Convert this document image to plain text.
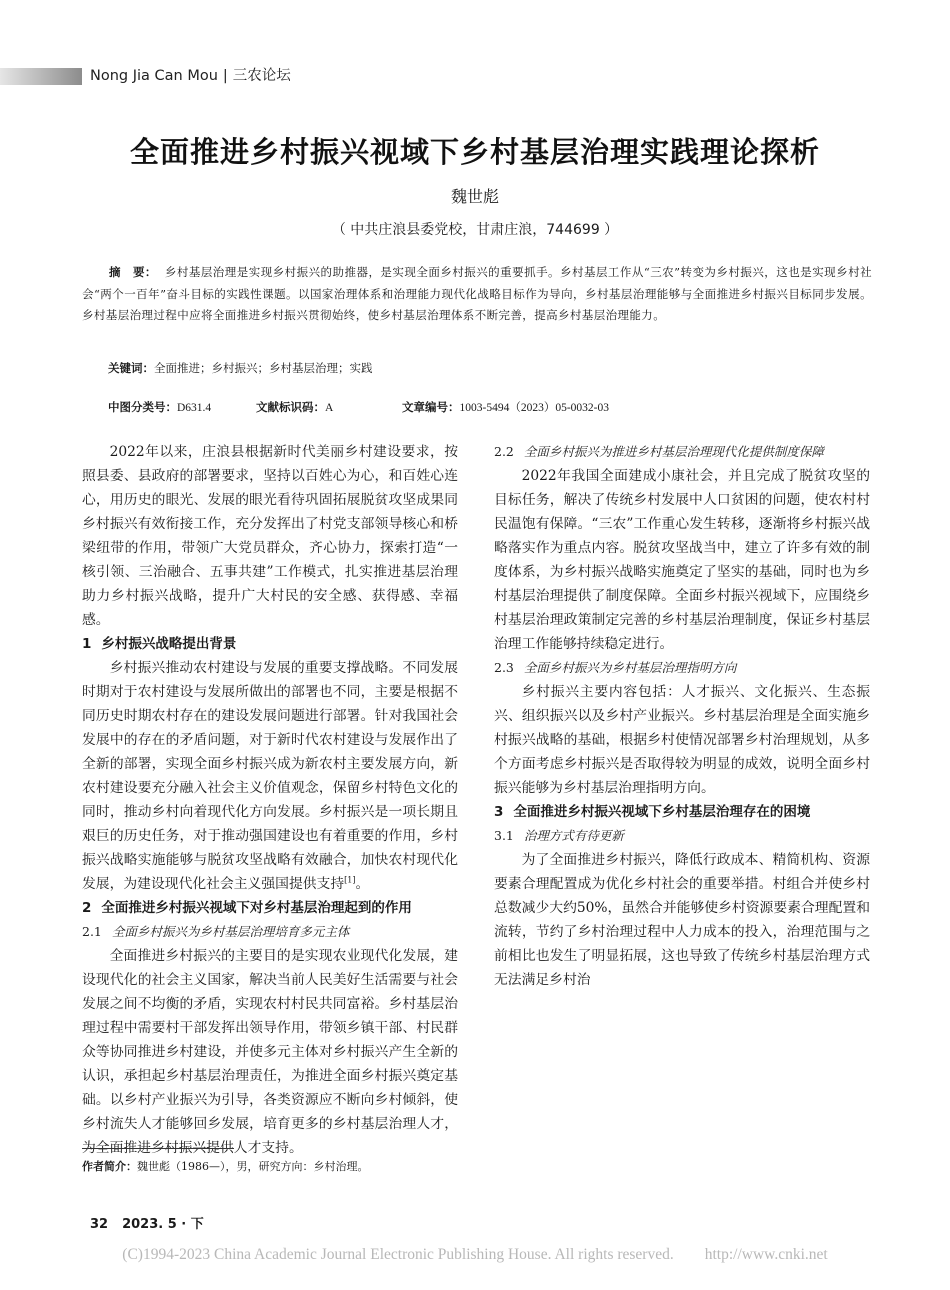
Nong Jia Can Mou | 三农论坛
全面推进乡村振兴视域下乡村基层治理实践理论探析
魏世彪
（ 中共庄浪县委党校，甘肃庄浪，744699 ）
摘　要： 乡村基层治理是实现乡村振兴的助推器，是实现全面乡村振兴的重要抓手。乡村基层工作从“三农”转变为乡村振兴，这也是实现乡村社会“两个一百年”奋斗目标的实践性课题。以国家治理体系和治理能力现代化战略目标作为导向，乡村基层治理能够与全面推进乡村振兴目标同步发展。乡村基层治理过程中应将全面推进乡村振兴贯彻始终，使乡村基层治理体系不断完善，提高乡村基层治理能力。
关键词：全面推进；乡村振兴；乡村基层治理；实践
中图分类号：D631.4	文献标识码：A	文章编号：1003-5494（2023）05-0032-03

2022年以来，庄浪县根据新时代美丽乡村建设要求，按照县委、县政府的部署要求，坚持以百姓心为心，和百姓心连心，用历史的眼光、发展的眼光看待巩固拓展脱贫攻坚成果同乡村振兴有效衔接工作，充分发挥出了村党支部领导核心和桥梁纽带的作用，带领广大党员群众，齐心协力，探索打造“一核引领、三治融合、五事共建”工作模式，扎实推进基层治理助力乡村振兴战略，提升广大村民的安全感、获得感、幸福感。

1 乡村振兴战略提出背景

乡村振兴推动农村建设与发展的重要支撑战略。不同发展时期对于农村建设与发展所做出的部署也不同，主要是根据不同历史时期农村存在的建设发展问题进行部署。针对我国社会发展中的存在的矛盾问题，对于新时代农村建设与发展作出了全新的部署，实现全面乡村振兴成为新农村主要发展方向，新农村建设要充分融入社会主义价值观念，保留乡村特色文化的同时，推动乡村向着现代化方向发展。乡村振兴是一项长期且艰巨的历史任务，对于推动强国建设也有着重要的作用，乡村振兴战略实施能够与脱贫攻坚战略有效融合，加快农村现代化发展，为建设现代化社会主义强国提供支持[1]。

2 全面推进乡村振兴视域下对乡村基层治理起到的作用
2.1 全面乡村振兴为乡村基层治理培育多元主体

全面推进乡村振兴的主要目的是实现农业现代化发展，建设现代化的社会主义国家，解决当前人民美好生活需要与社会发展之间不均衡的矛盾，实现农村村民共同富裕。乡村基层治理过程中需要村干部发挥出领导作用，带领乡镇干部、村民群众等协同推进乡村建设，并使多元主体对乡村振兴产生全新的认识，承担起乡村基层治理责任，为推进全面乡村振兴奠定基础。以乡村产业振兴为引导，各类资源应不断向乡村倾斜，使乡村流失人才能够回乡发展，培育更多的乡村基层治理人才，为全面推进乡村振兴提供人才支持。

2.2 全面乡村振兴为推进乡村基层治理现代化提供制度保障

2022年我国全面建成小康社会，并且完成了脱贫攻坚的目标任务，解决了传统乡村发展中人口贫困的问题，使农村村民温饱有保障。“三农”工作重心发生转移，逐渐将乡村振兴战略落实作为重点内容。脱贫攻坚战当中，建立了许多有效的制度体系，为乡村振兴战略实施奠定了坚实的基础，同时也为乡村基层治理提供了制度保障。全面乡村振兴视域下，应围绕乡村基层治理政策制定完善的乡村基层治理制度，保证乡村基层治理工作能够持续稳定进行。

2.3 全面乡村振兴为乡村基层治理指明方向

乡村振兴主要内容包括：人才振兴、文化振兴、生态振兴、组织振兴以及乡村产业振兴。乡村基层治理是全面实施乡村振兴战略的基础，根据乡村使情况部署乡村治理规划，从多个方面考虑乡村振兴是否取得较为明显的成效，说明全面乡村振兴能够为乡村基层治理指明方向。

3 全面推进乡村振兴视域下乡村基层治理存在的困境
3.1 治理方式有待更新

为了全面推进乡村振兴，降低行政成本、精简机构、资源要素合理配置成为优化乡村社会的重要举措。村组合并使乡村总数减少大约50%，虽然合并能够使乡村资源要素合理配置和流转，节约了乡村治理过程中人力成本的投入，治理范围与之前相比也发生了明显拓展，这也导致了传统乡村基层治理方式无法满足乡村治

作者简介：魏世彪（1986—），男，研究方向：乡村治理。
32 2023. 5 · 下
(C)1994-2023 China Academic Journal Electronic Publishing House. All rights reserved.　　http://www.cnki.net
